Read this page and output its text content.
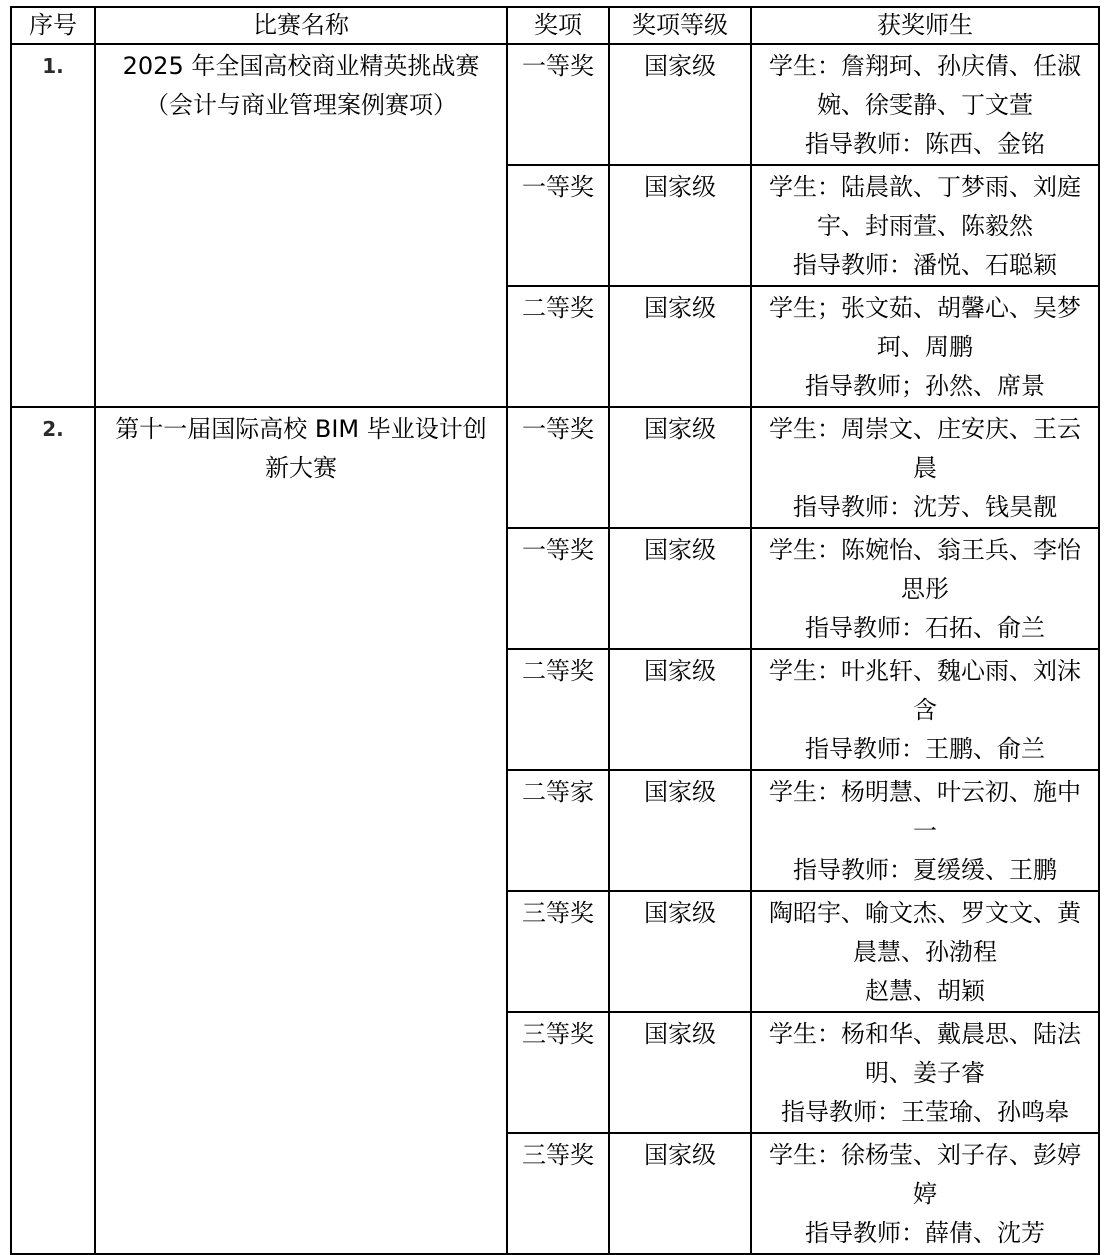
序号	比赛名称	奖项	奖项等级	获奖师生
1.	2025 年全国高校商业精英挑战赛（会计与商业管理案例赛项）	一等奖	国家级	学生：詹翔珂、孙庆倩、任淑婉、徐雯静、丁文萱
指导教师：陈西、金铭

		一等奖	国家级	学生：陆晨歆、丁梦雨、刘庭宇、封雨萱、陈毅然
指导教师：潘悦、石聪颖

		二等奖	国家级	学生；张文茹、胡馨心、吴梦珂、周鹏
指导教师；孙然、席景

2.	第十一届国际高校 BIM 毕业设计创新大赛	一等奖	国家级	学生：周崇文、庄安庆、王云晨
指导教师：沈芳、钱昊靓

		一等奖	国家级	学生：陈婉怡、翁王兵、李怡思彤
指导教师：石拓、俞兰

		二等奖	国家级	学生：叶兆轩、魏心雨、刘沫含
指导教师：王鹏、俞兰

		二等家	国家级	学生：杨明慧、叶云初、施中一
指导教师：夏缓缓、王鹏

		三等奖	国家级	陶昭宇、喻文杰、罗文文、黄晨慧、孙渤程
赵慧、胡颖

		三等奖	国家级	学生：杨和华、戴晨思、陆法明、姜子睿
指导教师：王莹瑜、孙鸣皋

		三等奖	国家级	学生：徐杨莹、刘子存、彭婷婷
指导教师：薛倩、沈芳
